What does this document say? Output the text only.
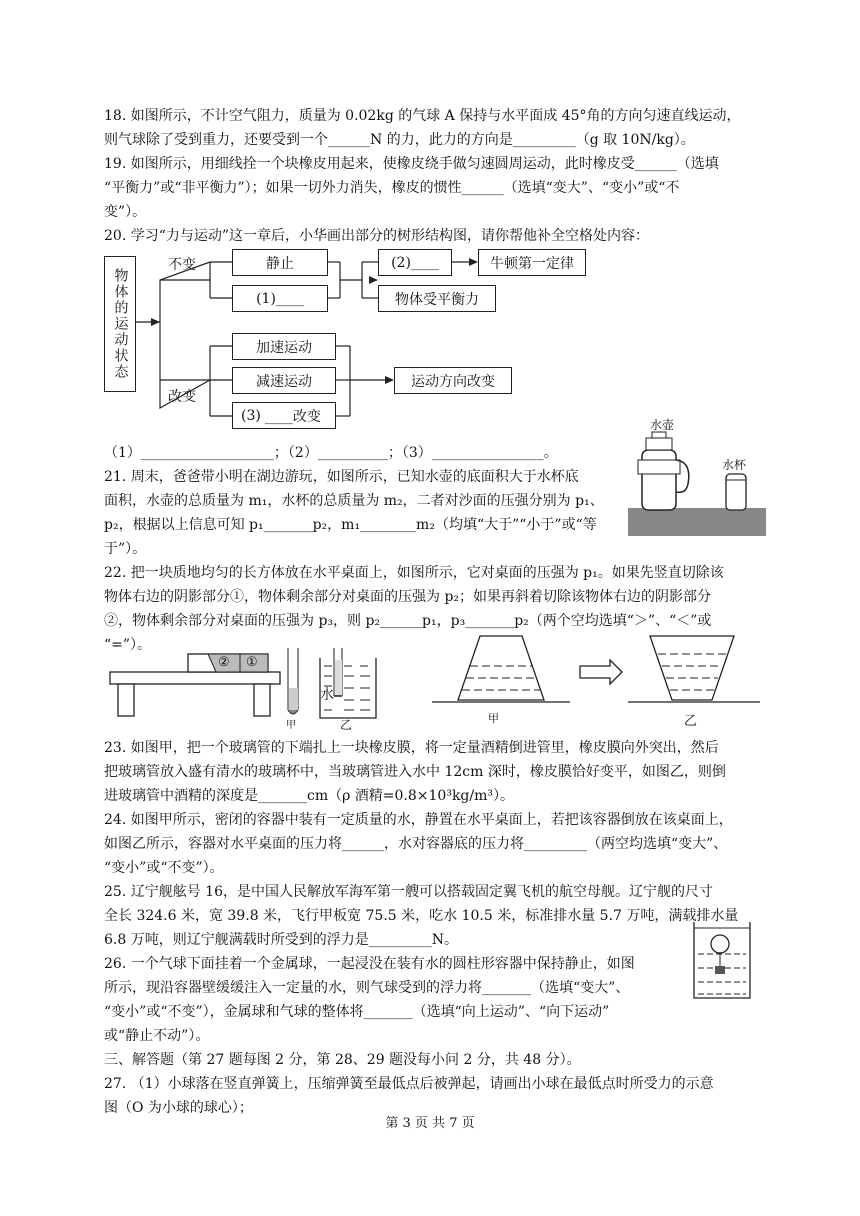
18. 如图所示，不计空气阻力，质量为 0.02kg 的气球 A 保持与水平面成 45°角的方向匀速直线运动，
则气球除了受到重力，还要受到一个______N 的力，此力的方向是_________（g 取 10N/kg）。
19. 如图所示，用细线拴一个块橡皮用起来，使橡皮绕手做匀速圆周运动，此时橡皮受______（选填
“平衡力”或“非平衡力”）；如果一切外力消失，橡皮的惯性______（选填“变大”、“变小”或“不
变”）。
20. 学习“力与运动”这一章后，小华画出部分的树形结构图，请你帮他补全空格处内容：
物体的运动状态
不变
改变
静止
(1)____
(2)____	牛顿第一定律
物体受平衡力
加速运动
减速运动
(3) ____改变
运动方向改变
（1）___________________；（2）__________；（3）________________。
21. 周末，爸爸带小明在湖边游玩，如图所示，已知水壶的底面积大于水杯底
面积，水壶的总质量为 m₁，水杯的总质量为 m₂，二者对沙面的压强分别为 p₁、
p₂，根据以上信息可知 p₁_______p₂，m₁________m₂（均填“大于”“小于”或“等
于”）。
水壶
水杯
22. 把一块质地均匀的长方体放在水平桌面上，如图所示，它对桌面的压强为 p₁。如果先竖直切除该
物体右边的阴影部分①，物体剩余部分对桌面的压强为 p₂；如果再斜着切除该物体右边的阴影部分
②，物体剩余部分对桌面的压强为 p₃，则 p₂______p₁，p₃_______p₂（两个空均选填“＞”、“＜”或
“=”）。
② ①
水
甲	乙	甲	乙
23. 如图甲，把一个玻璃管的下端扎上一块橡皮膜，将一定量酒精倒进管里，橡皮膜向外突出，然后
把玻璃管放入盛有清水的玻璃杯中，当玻璃管进入水中 12cm 深时，橡皮膜恰好变平，如图乙，则倒
进玻璃管中酒精的深度是_______cm（ρ 酒精=0.8×10³kg/m³）。
24. 如图甲所示，密闭的容器中装有一定质量的水，静置在水平桌面上，若把该容器倒放在该桌面上，
如图乙所示，容器对水平桌面的压力将______，水对容器底的压力将_________（两空均选填“变大”、
“变小”或“不变”）。
25. 辽宁舰舷号 16，是中国人民解放军海军第一艘可以搭载固定翼飞机的航空母舰。辽宁舰的尺寸
全长 324.6 米，宽 39.8 米，飞行甲板宽 75.5 米，吃水 10.5 米，标准排水量 5.7 万吨，满载排水量
6.8 万吨，则辽宁舰满载时所受到的浮力是_________N。
26. 一个气球下面挂着一个金属球，一起浸没在装有水的圆柱形容器中保持静止，如图
所示，现沿容器壁缓缓注入一定量的水，则气球受到的浮力将_______（选填“变大”、
“变小”或“不变”），金属球和气球的整体将_______（选填“向上运动”、“向下运动”
或“静止不动”）。
三、解答题（第 27 题每图 2 分，第 28、29 题没每小问 2 分，共 48 分）。
27. （1）小球落在竖直弹簧上，压缩弹簧至最低点后被弹起，请画出小球在最低点时所受力的示意
图（O 为小球的球心）；
第 3 页 共 7 页
